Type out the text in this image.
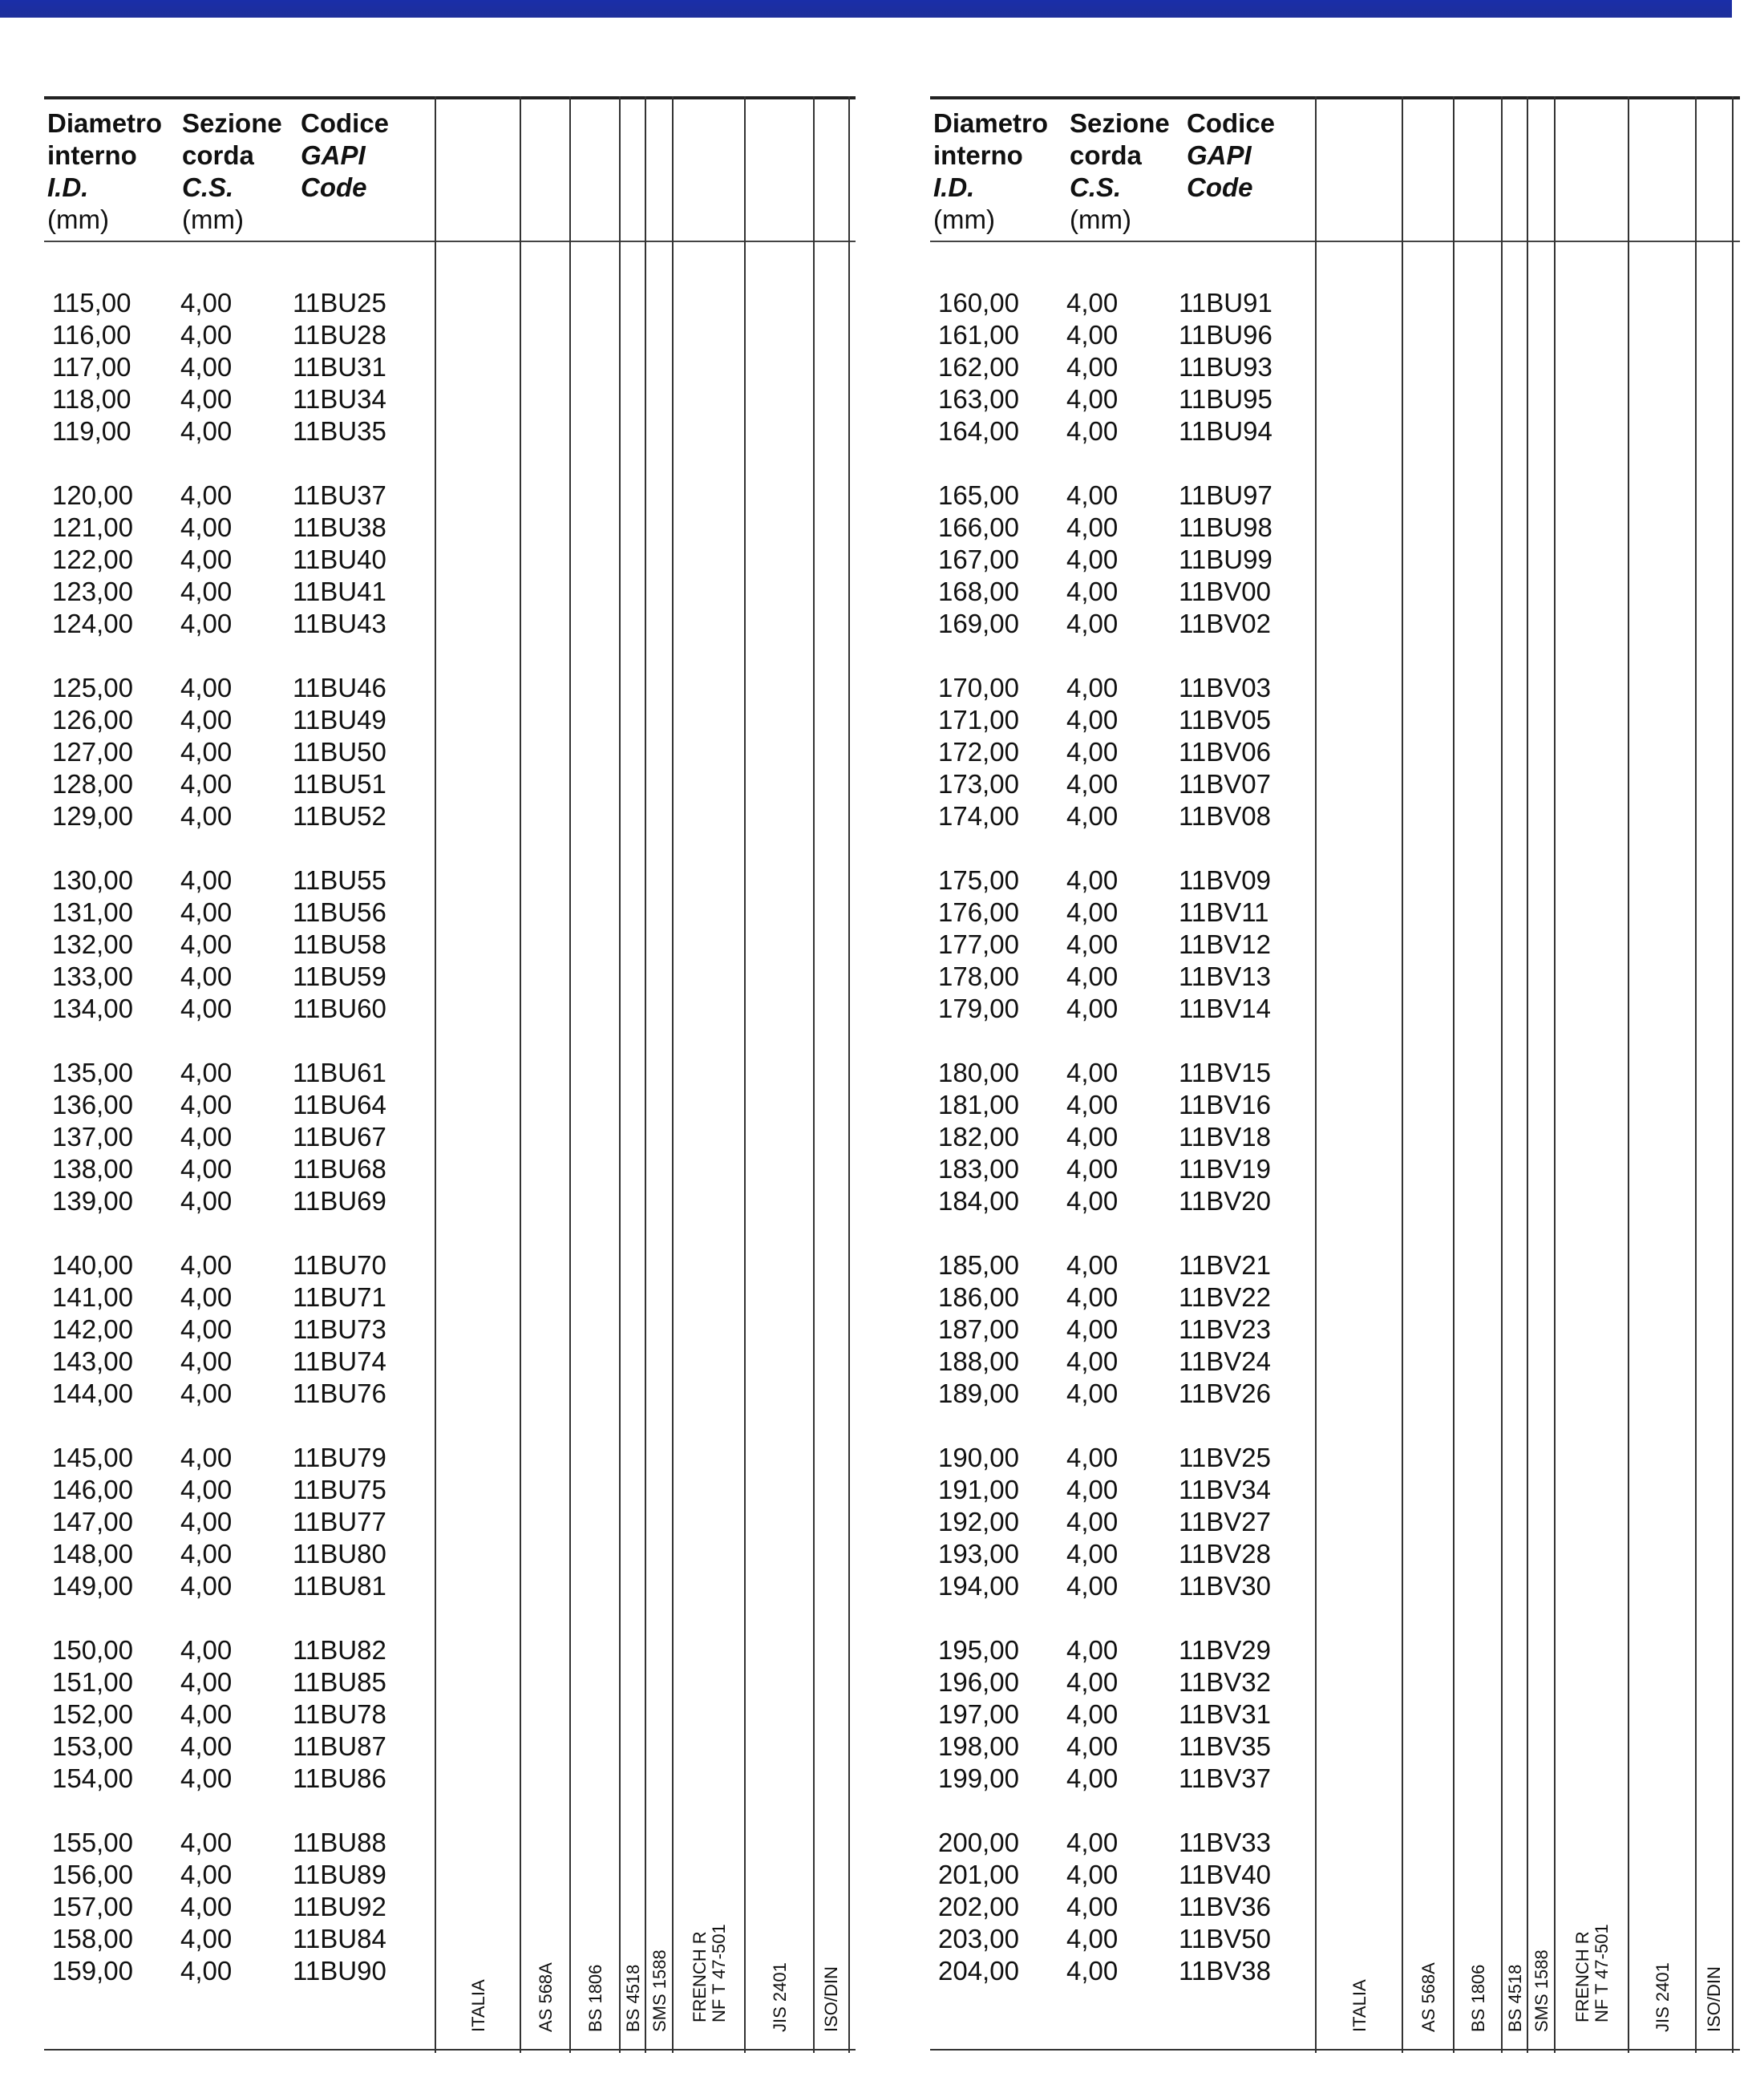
Diametro
interno
I.D.
(mm)
Sezione
corda
C.S.
(mm)
Codice
GAPI
Code
ITALIA	AS 568A BS 1806 BS 4518 SMS 1588 FRENCH R
NF T 47-501
JIS 2401 ISO/DIN
115,00 4,00 11BU25
116,00 4,00 11BU28
117,00 4,00 11BU31
118,00 4,00 11BU34
119,00 4,00 11BU35
120,00 4,00 11BU37
121,00 4,00 11BU38
122,00 4,00 11BU40
123,00 4,00 11BU41
124,00 4,00 11BU43
125,00 4,00 11BU46
126,00 4,00 11BU49
127,00 4,00 11BU50
128,00 4,00 11BU51
129,00 4,00 11BU52
130,00 4,00 11BU55
131,00 4,00 11BU56
132,00 4,00 11BU58
133,00 4,00 11BU59
134,00 4,00 11BU60
135,00 4,00 11BU61
136,00 4,00 11BU64
137,00 4,00 11BU67
138,00 4,00 11BU68
139,00 4,00 11BU69
140,00 4,00 11BU70
141,00 4,00 11BU71
142,00 4,00 11BU73
143,00 4,00 11BU74
144,00 4,00 11BU76
145,00 4,00 11BU79
146,00 4,00 11BU75
147,00 4,00 11BU77
148,00 4,00 11BU80
149,00 4,00 11BU81
150,00 4,00 11BU82
151,00 4,00 11BU85
152,00 4,00 11BU78
153,00 4,00 11BU87
154,00 4,00 11BU86
155,00 4,00 11BU88
156,00 4,00 11BU89
157,00 4,00 11BU92
158,00 4,00 11BU84
159,00 4,00 11BU90
Diametro
interno
I.D.
(mm)
Sezione
corda
C.S.
(mm)
Codice
GAPI
Code
ITALIA	AS 568A BS 1806 BS 4518 SMS 1588 FRENCH R
NF T 47-501
JIS 2401 ISO/DIN
160,00 4,00 11BU91
161,00 4,00 11BU96
162,00 4,00 11BU93
163,00 4,00 11BU95
164,00 4,00 11BU94
165,00 4,00 11BU97
166,00 4,00 11BU98
167,00 4,00 11BU99
168,00 4,00 11BV00
169,00 4,00 11BV02
170,00 4,00 11BV03
171,00 4,00 11BV05
172,00 4,00 11BV06
173,00 4,00 11BV07
174,00 4,00 11BV08
175,00 4,00 11BV09
176,00 4,00 11BV11
177,00 4,00 11BV12
178,00 4,00 11BV13
179,00 4,00 11BV14
180,00 4,00 11BV15
181,00 4,00 11BV16
182,00 4,00 11BV18
183,00 4,00 11BV19
184,00 4,00 11BV20
185,00 4,00 11BV21
186,00 4,00 11BV22
187,00 4,00 11BV23
188,00 4,00 11BV24
189,00 4,00 11BV26
190,00 4,00 11BV25
191,00 4,00 11BV34
192,00 4,00 11BV27
193,00 4,00 11BV28
194,00 4,00 11BV30
195,00 4,00 11BV29
196,00 4,00 11BV32
197,00 4,00 11BV31
198,00 4,00 11BV35
199,00 4,00 11BV37
200,00 4,00 11BV33
201,00 4,00 11BV40
202,00 4,00 11BV36
203,00 4,00 11BV50
204,00 4,00 11BV38
